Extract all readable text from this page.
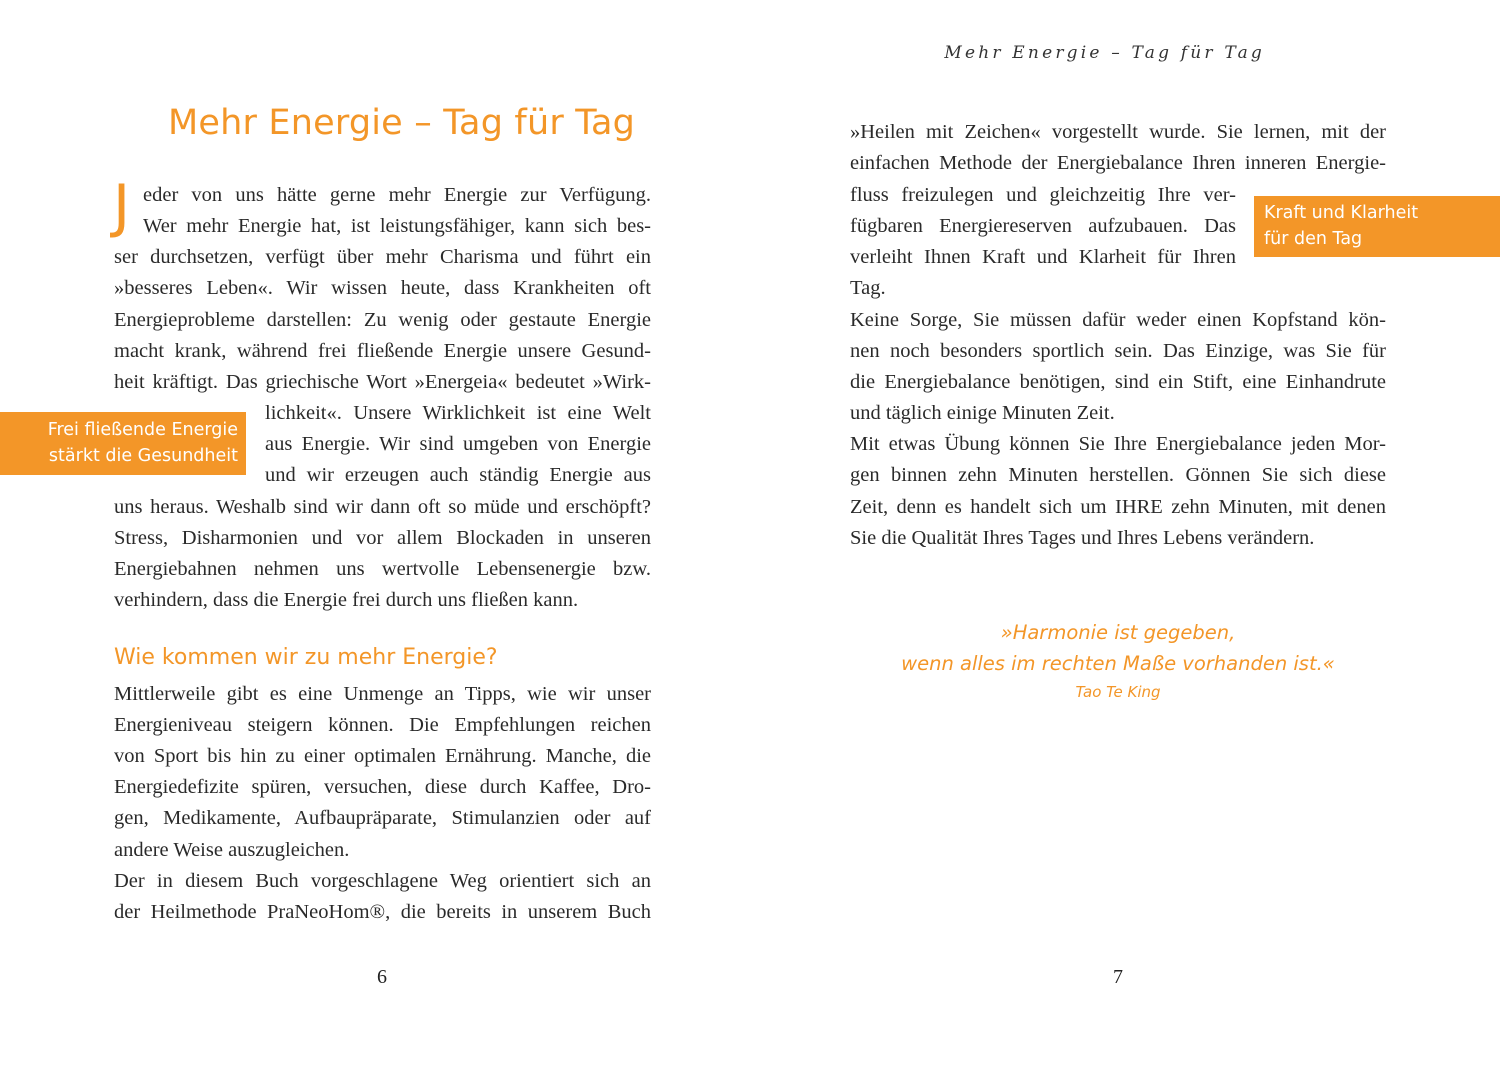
Mehr Energie – Tag für Tag
J eder von uns hätte gerne mehr Energie zur Verfügung.
Wer mehr Energie hat, ist leistungsfähiger, kann sich bes-
ser durchsetzen, verfügt über mehr Charisma und führt ein
»besseres Leben«. Wir wissen heute, dass Krankheiten oft
Energieprobleme darstellen: Zu wenig oder gestaute Energie
macht krank, während frei fließende Energie unsere Gesund-
heit kräftigt. Das griechische Wort »Energeia« bedeutet »Wirk-
lichkeit«. Unsere Wirklichkeit ist eine Welt
aus Energie. Wir sind umgeben von Energie
und wir erzeugen auch ständig Energie aus
uns heraus. Weshalb sind wir dann oft so müde und erschöpft?
Stress, Disharmonien und vor allem Blockaden in unseren
Energiebahnen nehmen uns wertvolle Lebensenergie bzw.
verhindern, dass die Energie frei durch uns fließen kann.
Frei fließende Energie
stärkt die Gesundheit
Wie kommen wir zu mehr Energie?
Mittlerweile gibt es eine Unmenge an Tipps, wie wir unser
Energieniveau steigern können. Die Empfehlungen reichen
von Sport bis hin zu einer optimalen Ernährung. Manche, die
Energiedefizite spüren, versuchen, diese durch Kaffee, Dro-
gen, Medikamente, Aufbaupräparate, Stimulanzien oder auf
andere Weise auszugleichen.
Der in diesem Buch vorgeschlagene Weg orientiert sich an
der Heilmethode PraNeoHom®, die bereits in unserem Buch
6
Mehr Energie – Tag für Tag
»Heilen mit Zeichen« vorgestellt wurde. Sie lernen, mit der
einfachen Methode der Energiebalance Ihren inneren Energie-
fluss freizulegen und gleichzeitig Ihre ver-
fügbaren Energiereserven aufzubauen. Das
verleiht Ihnen Kraft und Klarheit für Ihren
Tag.
Keine Sorge, Sie müssen dafür weder einen Kopfstand kön-
nen noch besonders sportlich sein. Das Einzige, was Sie für
die Energiebalance benötigen, sind ein Stift, eine Einhandrute
und täglich einige Minuten Zeit.
Mit etwas Übung können Sie Ihre Energiebalance jeden Mor-
gen binnen zehn Minuten herstellen. Gönnen Sie sich diese
Zeit, denn es handelt sich um IHRE zehn Minuten, mit denen
Sie die Qualität Ihres Tages und Ihres Lebens verändern.
7
Kraft und Klarheit
für den Tag
»Harmonie ist gegeben,
wenn alles im rechten Maße vorhanden ist.«
Tao Te King
